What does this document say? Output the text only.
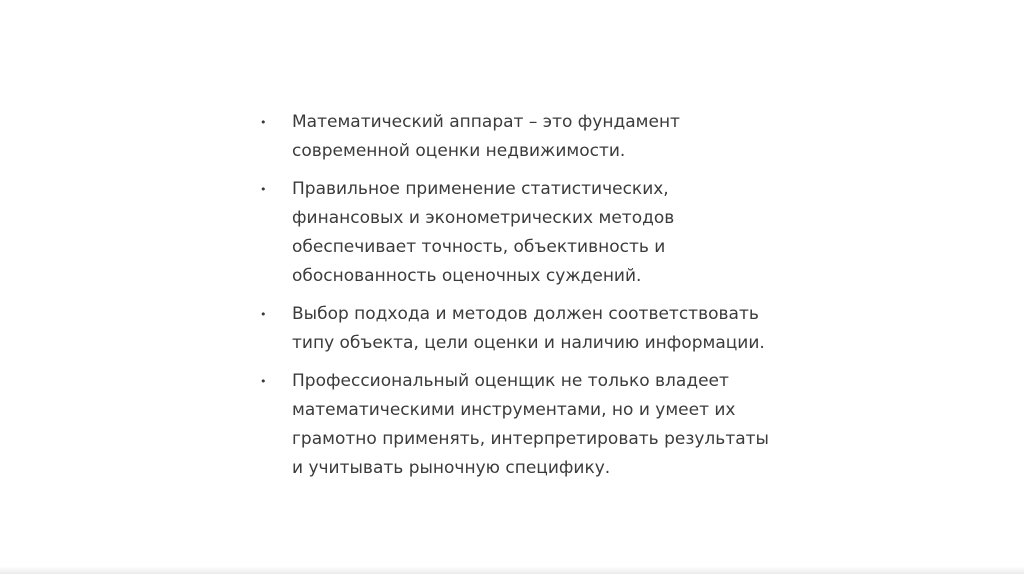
• Математический аппарат – это фундамент
современной оценки недвижимости.
• Правильное применение статистических,
финансовых и эконометрических методов
обеспечивает точность, объективность и
обоснованность оценочных суждений.
• Выбор подхода и методов должен соответствовать
типу объекта, цели оценки и наличию информации.
• Профессиональный оценщик не только владеет
математическими инструментами, но и умеет их
грамотно применять, интерпретировать результаты
и учитывать рыночную специфику.
